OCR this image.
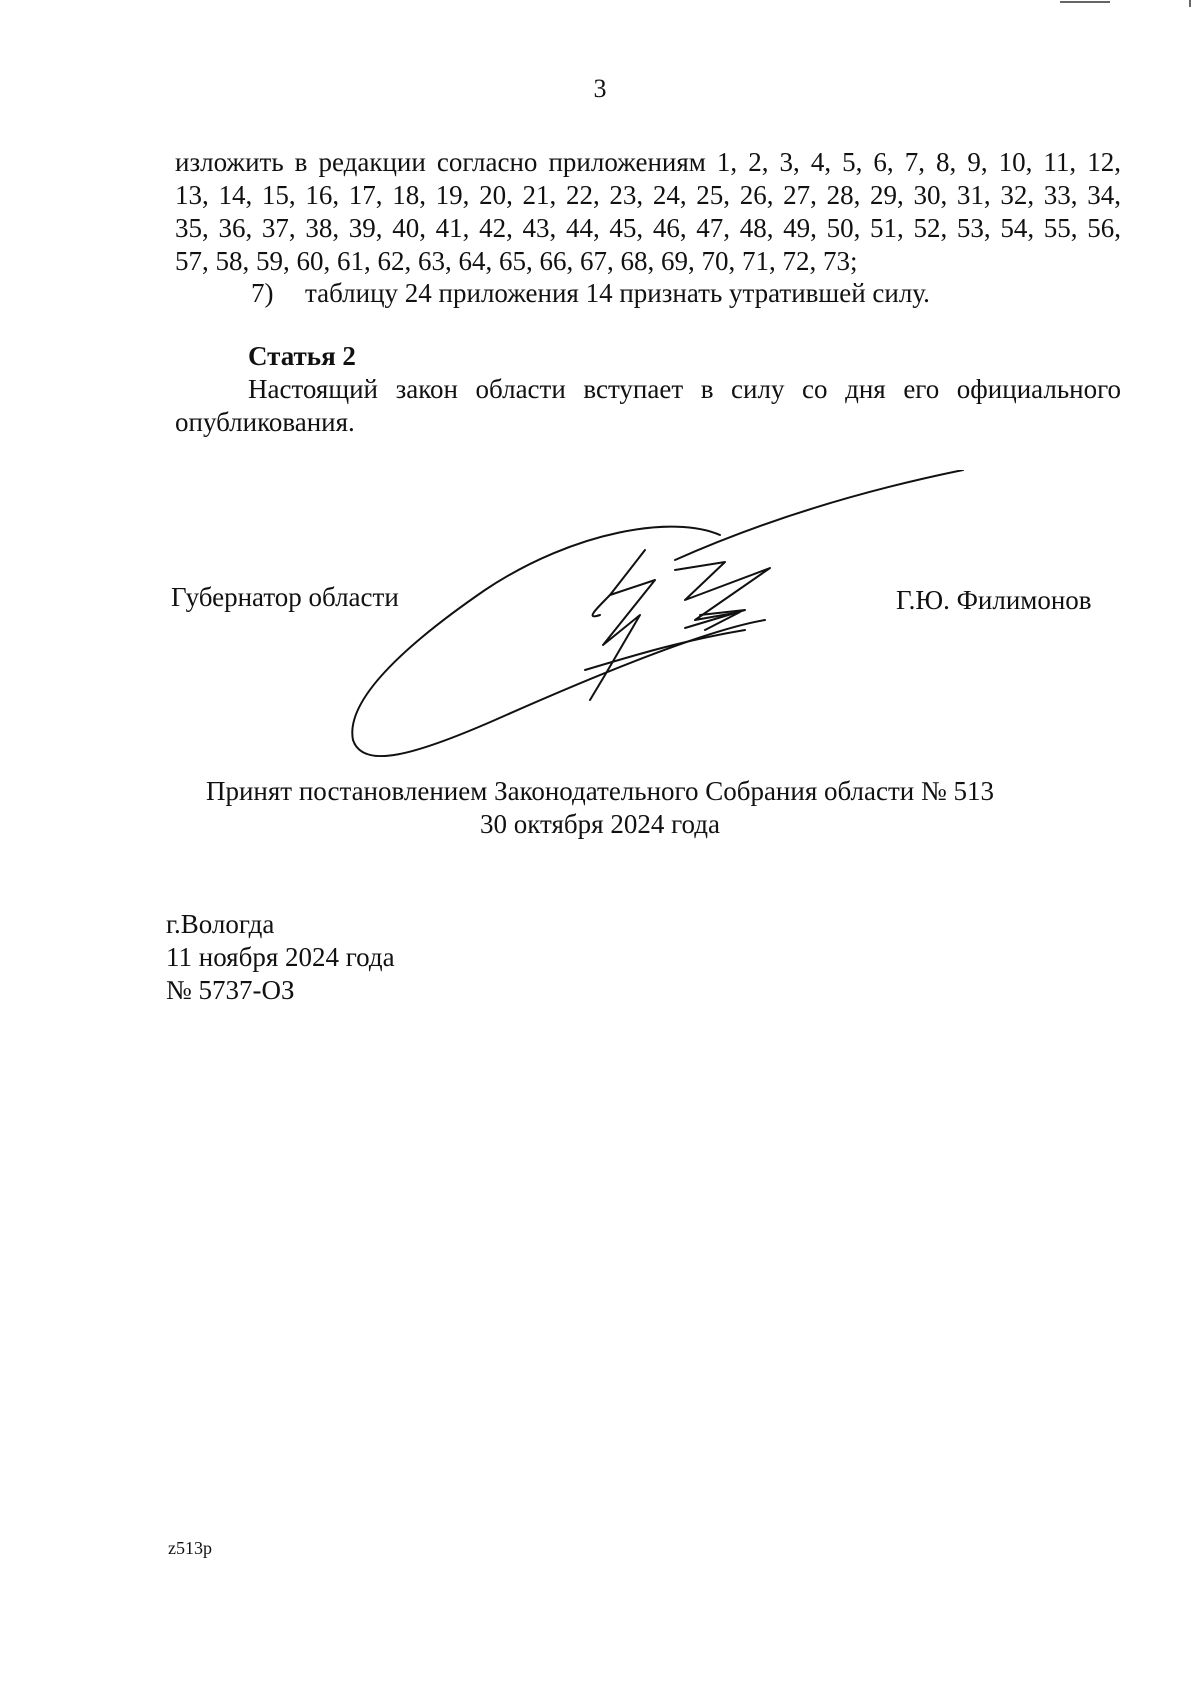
3
изложить в редакции согласно приложениям 1, 2, 3, 4, 5, 6, 7, 8, 9, 10, 11, 12,
13, 14, 15, 16, 17, 18, 19, 20, 21, 22, 23, 24, 25, 26, 27, 28, 29, 30, 31, 32, 33, 34,
35, 36, 37, 38, 39, 40, 41, 42, 43, 44, 45, 46, 47, 48, 49, 50, 51, 52, 53, 54, 55, 56,
57, 58, 59, 60, 61, 62, 63, 64, 65, 66, 67, 68, 69, 70, 71, 72, 73;
7) таблицу 24 приложения 14 признать утратившей силу.
Статья 2
Настоящий закон области вступает в силу со дня его официального
опубликования.
Губернатор области	Г.Ю. Филимонов
Принят постановлением Законодательного Собрания области № 513
30 октября 2024 года
г.Вологда
11 ноября 2024 года
№ 5737-ОЗ
z513р
